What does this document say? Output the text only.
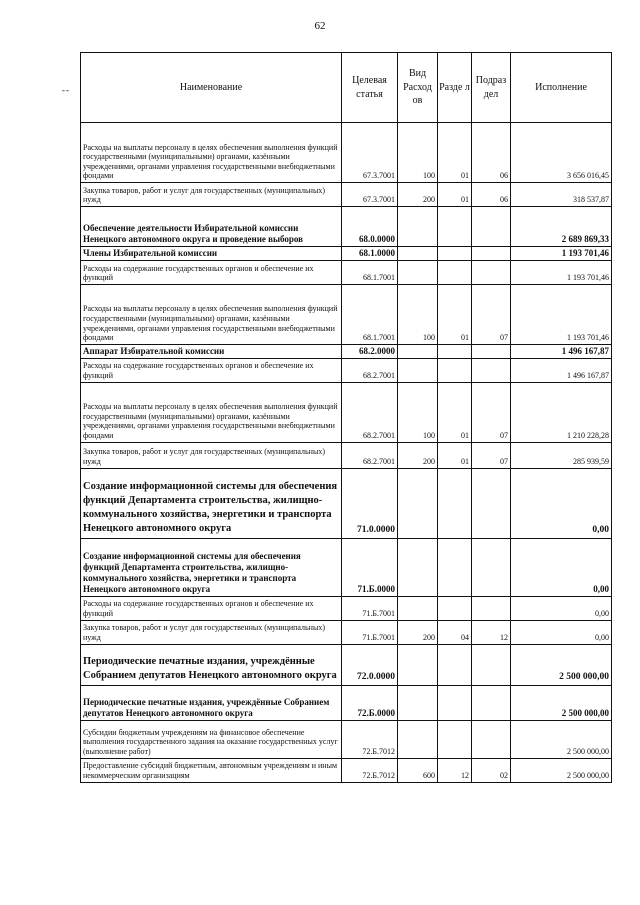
62
--	Наименование	Целевая статья	Вид Расход ов	Разде л	Подраз дел	Исполнение
Расходы на выплаты персоналу в целях обеспечения выполнения функций государственными (муниципальными) органами, казёнными учреждениями, органами управления государственными внебюджетными фондами	67.3.7001	100	01	06	3 656 016,45
Закупка товаров, работ и услуг для государственных (муниципальных) нужд	67.3.7001	200	01	06	318 537,87
Обеспечение деятельности Избирательной комиссии Ненецкого автономного округа и проведение выборов	68.0.0000				2 689 869,33
Члены Избирательной комиссии	68.1.0000				1 193 701,46
Расходы на содержание государственных органов и обеспечение их функций	68.1.7001				1 193 701,46
Расходы на выплаты персоналу в целях обеспечения выполнения функций государственными (муниципальными) органами, казёнными учреждениями, органами управления государственными внебюджетными фондами	68.1.7001	100	01	07	1 193 701,46
Аппарат Избирательной комиссии	68.2.0000				1 496 167,87
Расходы на содержание государственных органов и обеспечение их функций	68.2.7001				1 496 167,87
Расходы на выплаты персоналу в целях обеспечения выполнения функций государственными (муниципальными) органами, казёнными учреждениями, органами управления государственными внебюджетными фондами	68.2.7001	100	01	07	1 210 228,28
Закупка товаров, работ и услуг для государственных (муниципальных) нужд	68.2.7001	200	01	07	285 939,59
Создание информационной системы для обеспечения функций Департамента строительства, жилищно-коммунального хозяйства, энергетики и транспорта Ненецкого автономного округа	71.0.0000				0,00
Создание информационной системы для обеспечения функций Департамента строительства, жилищно-коммунального хозяйства, энергетики и транспорта Ненецкого автономного округа	71.Б.0000				0,00
Расходы на содержание государственных органов и обеспечение их функций	71.Б.7001				0,00
Закупка товаров, работ и услуг для государственных (муниципальных) нужд	71.Б.7001	200	04	12	0,00
Периодические печатные издания, учреждённые Собранием депутатов Ненецкого автономного округа	72.0.0000				2 500 000,00
Периодические печатные издания, учреждённые Собранием депутатов Ненецкого автономного округа	72.Б.0000				2 500 000,00
Субсидии бюджетным учреждениям на финансовое обеспечение выполнения государственного задания на оказание государственных услуг (выполнение работ)	72.Б.7012				2 500 000,00
Предоставление субсидий бюджетным, автономным учреждениям и иным некоммерческим организациям	72.Б.7012	600	12	02	2 500 000,00
